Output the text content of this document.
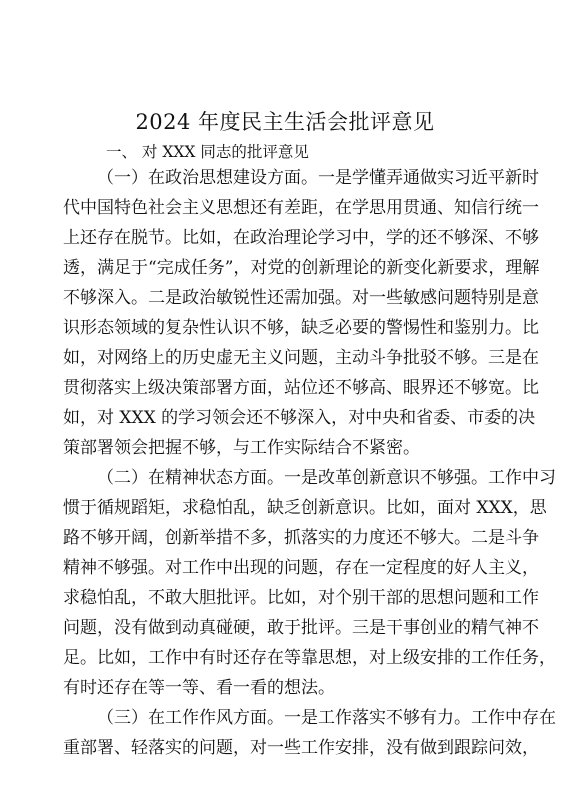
2024 年度民主生活会批评意见
一、 对 XXX 同志的批评意见
（一）在政治思想建设方面。一是学懂弄通做实习近平新时
代中国特色社会主义思想还有差距，在学思用贯通、知信行统一
上还存在脱节。比如，在政治理论学习中，学的还不够深、不够
透，满足于“完成任务”，对党的创新理论的新变化新要求，理解
不够深入。二是政治敏锐性还需加强。对一些敏感问题特别是意
识形态领域的复杂性认识不够，缺乏必要的警惕性和鉴别力。比
如，对网络上的历史虚无主义问题，主动斗争批驳不够。三是在
贯彻落实上级决策部署方面，站位还不够高、眼界还不够宽。比
如，对 XXX 的学习领会还不够深入，对中央和省委、市委的决
策部署领会把握不够，与工作实际结合不紧密。
（二）在精神状态方面。一是改革创新意识不够强。工作中习
惯于循规蹈矩，求稳怕乱，缺乏创新意识。比如，面对 XXX，思
路不够开阔，创新举措不多，抓落实的力度还不够大。二是斗争
精神不够强。对工作中出现的问题，存在一定程度的好人主义，
求稳怕乱，不敢大胆批评。比如，对个别干部的思想问题和工作
问题，没有做到动真碰硬，敢于批评。三是干事创业的精气神不
足。比如，工作中有时还存在等靠思想，对上级安排的工作任务，
有时还存在等一等、看一看的想法。
（三）在工作作风方面。一是工作落实不够有力。工作中存在
重部署、轻落实的问题，对一些工作安排，没有做到跟踪问效，
